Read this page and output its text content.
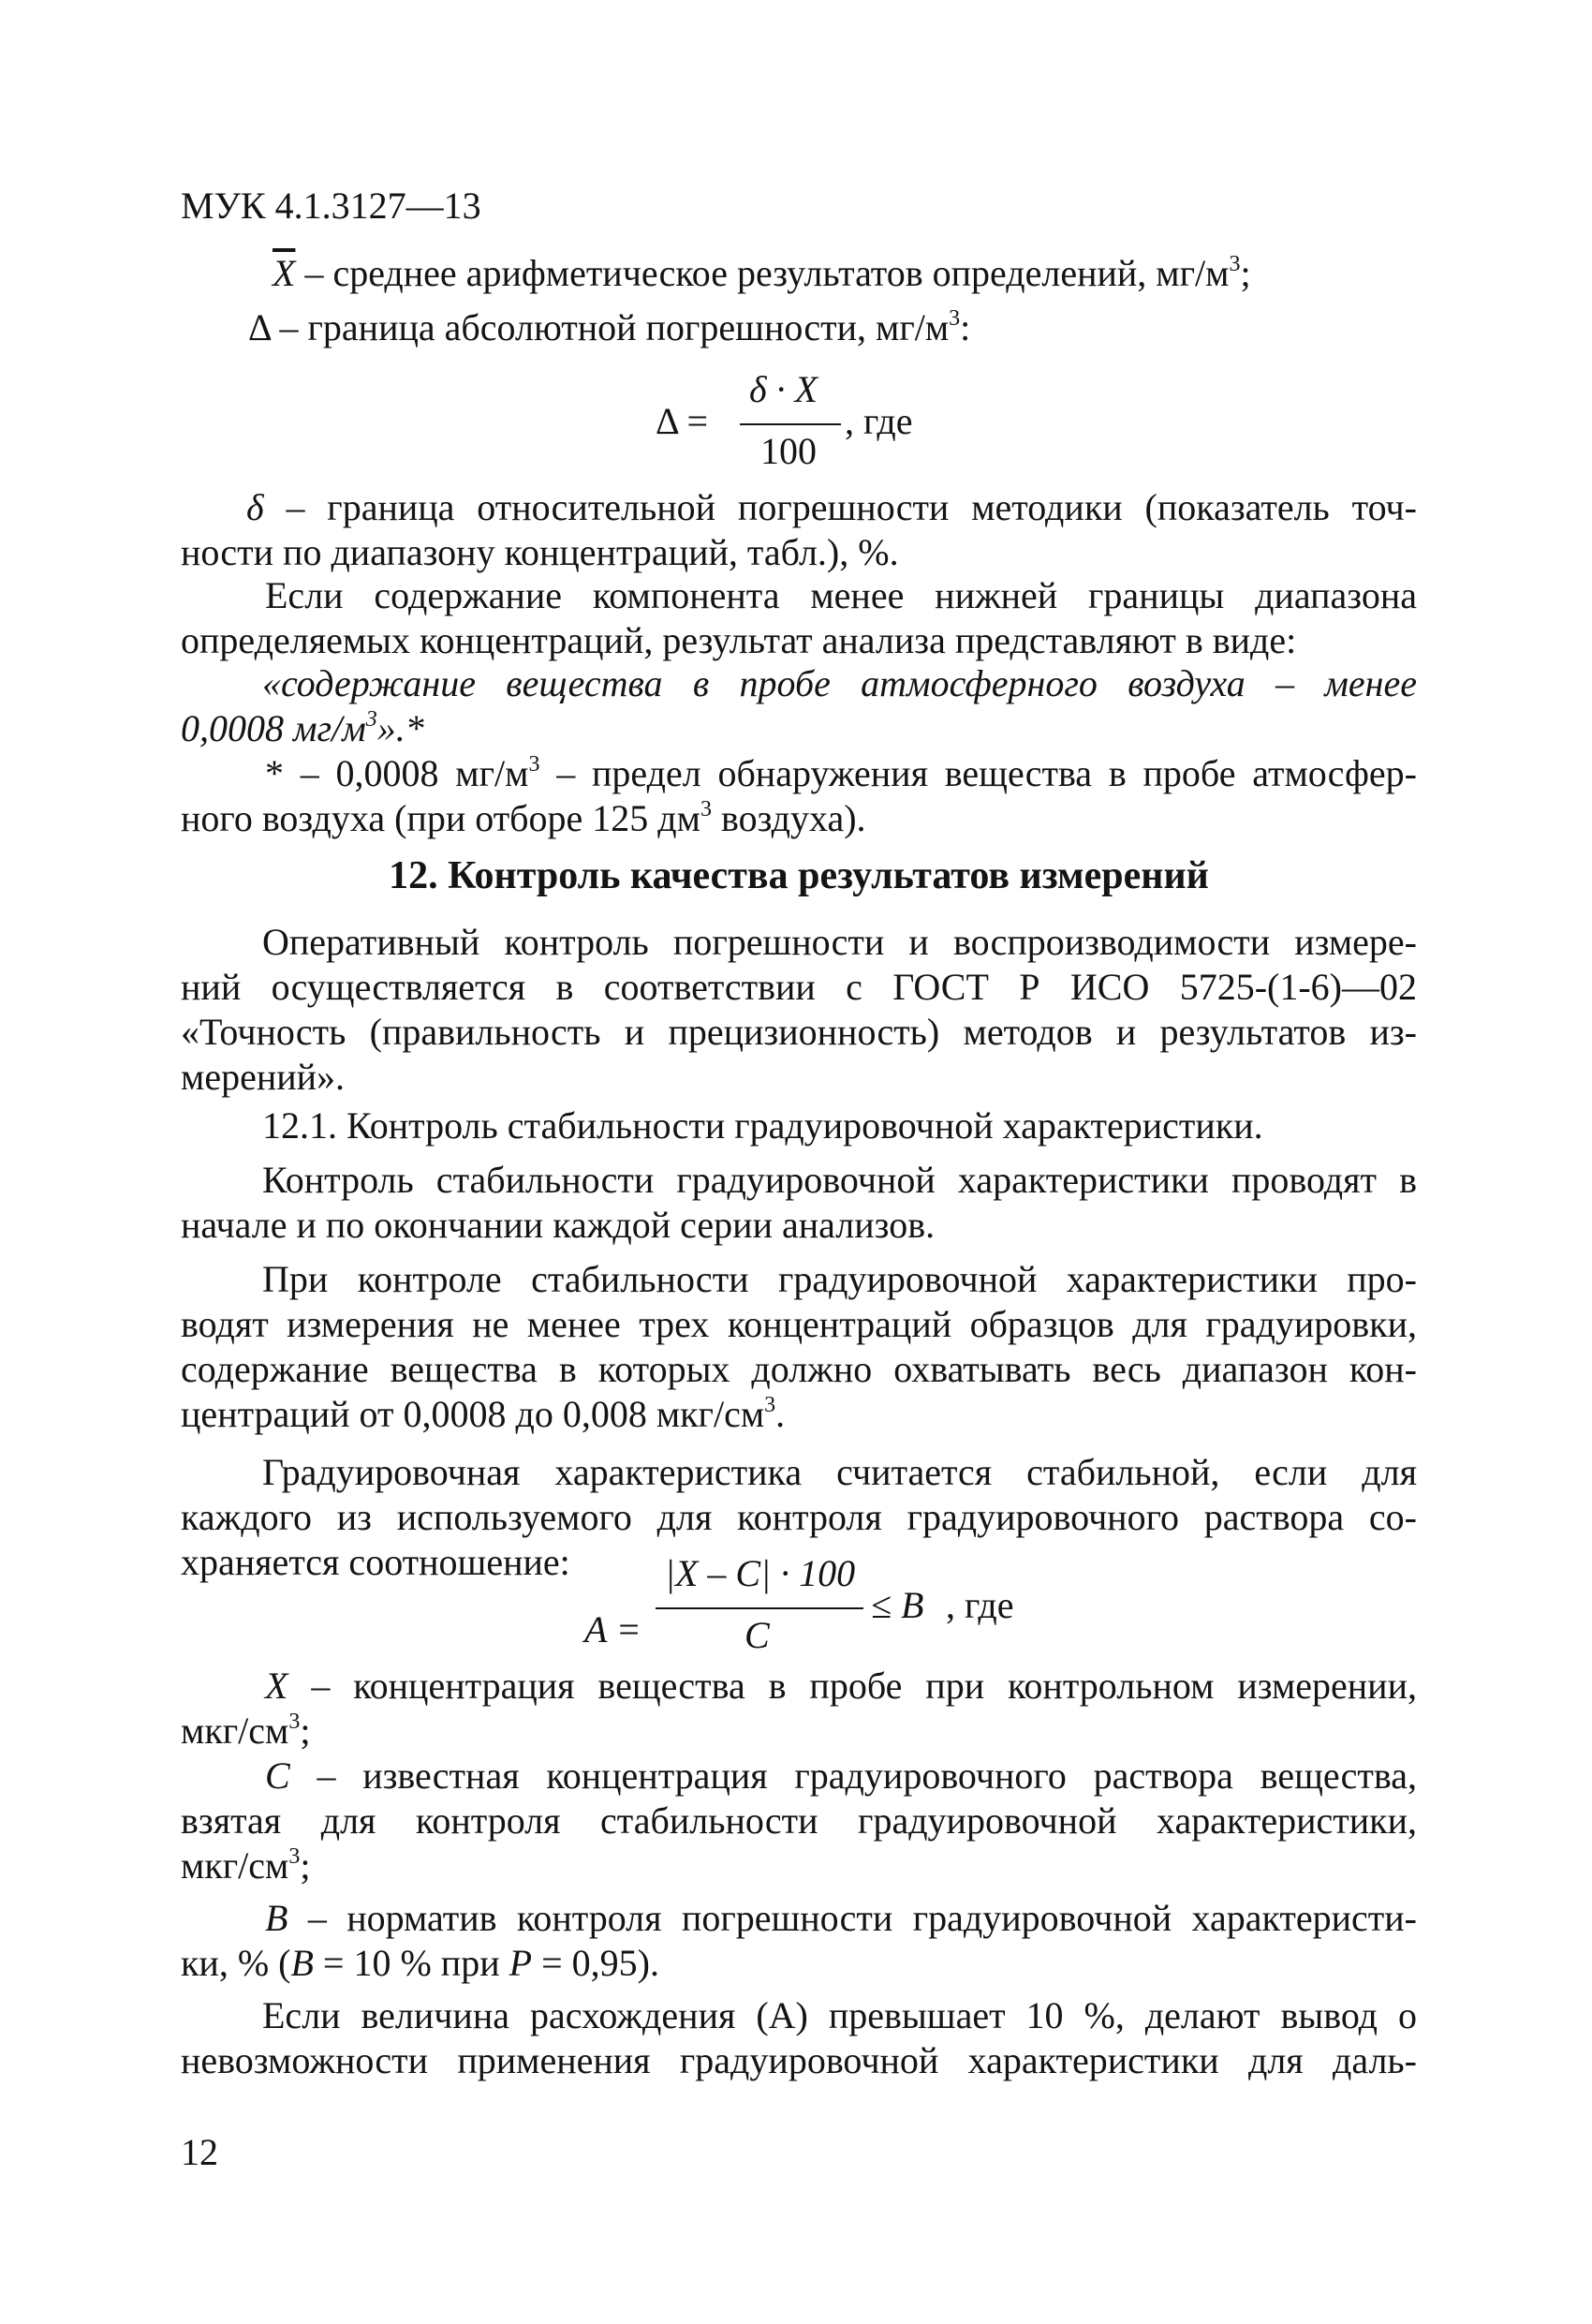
МУК 4.1.3127—13
$\overline{X}$ – среднее арифметическое результатов определений, $мг/м^3$;
Δ – граница абсолютной погрешности, $мг/м^3$:
Δ =
δ · X
100
, где
δ – граница относительной погрешности методики (показатель точ-
ности по диапазону концентраций, табл.), %.
Если содержание компонента менее нижней границы диапазона
определяемых концентраций, результат анализа представляют в виде:
«содержание вещества в пробе атмосферного воздуха – менее
0,0008 $мг/м^3».*$
* – 0,0008 $мг/м^3$ – предел обнаружения вещества в пробе атмосфер-
ного воздуха (при отборе 125 $дм^3$ воздуха).
12. Контроль качества результатов измерений
Оперативный контроль погрешности и воспроизводимости измере-
ний осуществляется в соответствии с ГОСТ Р ИСО 5725-(1-6)—02
«Точность (правильность и прецизионность) методов и результатов из-
мерений».
12.1. Контроль стабильности градуировочной характеристики.
Контроль стабильности градуировочной характеристики проводят в
начале и по окончании каждой серии анализов.
При контроле стабильности градуировочной характеристики про-
водят измерения не менее трех концентраций образцов для градуировки,
содержание вещества в которых должно охватывать весь диапазон кон-
центраций от 0,0008 до 0,008 мкг/$см^3$.
Градуировочная характеристика считается стабильной, если для
каждого из используемого для контроля градуировочного раствора со-
храняется соотношение:
A =
|X – C| · 100
C
≤ B , где
X – концентрация вещества в пробе при контрольном измерении,
мкг/$см^3$;
C – известная концентрация градуировочного раствора вещества,
взятая для контроля стабильности градуировочной характеристики,
мкг/$см^3$;
B – норматив контроля погрешности градуировочной характеристи-
ки, % (B = 10 % при P = 0,95).
Если величина расхождения (А) превышает 10 %, делают вывод о
невозможности применения градуировочной характеристики для даль-
12
